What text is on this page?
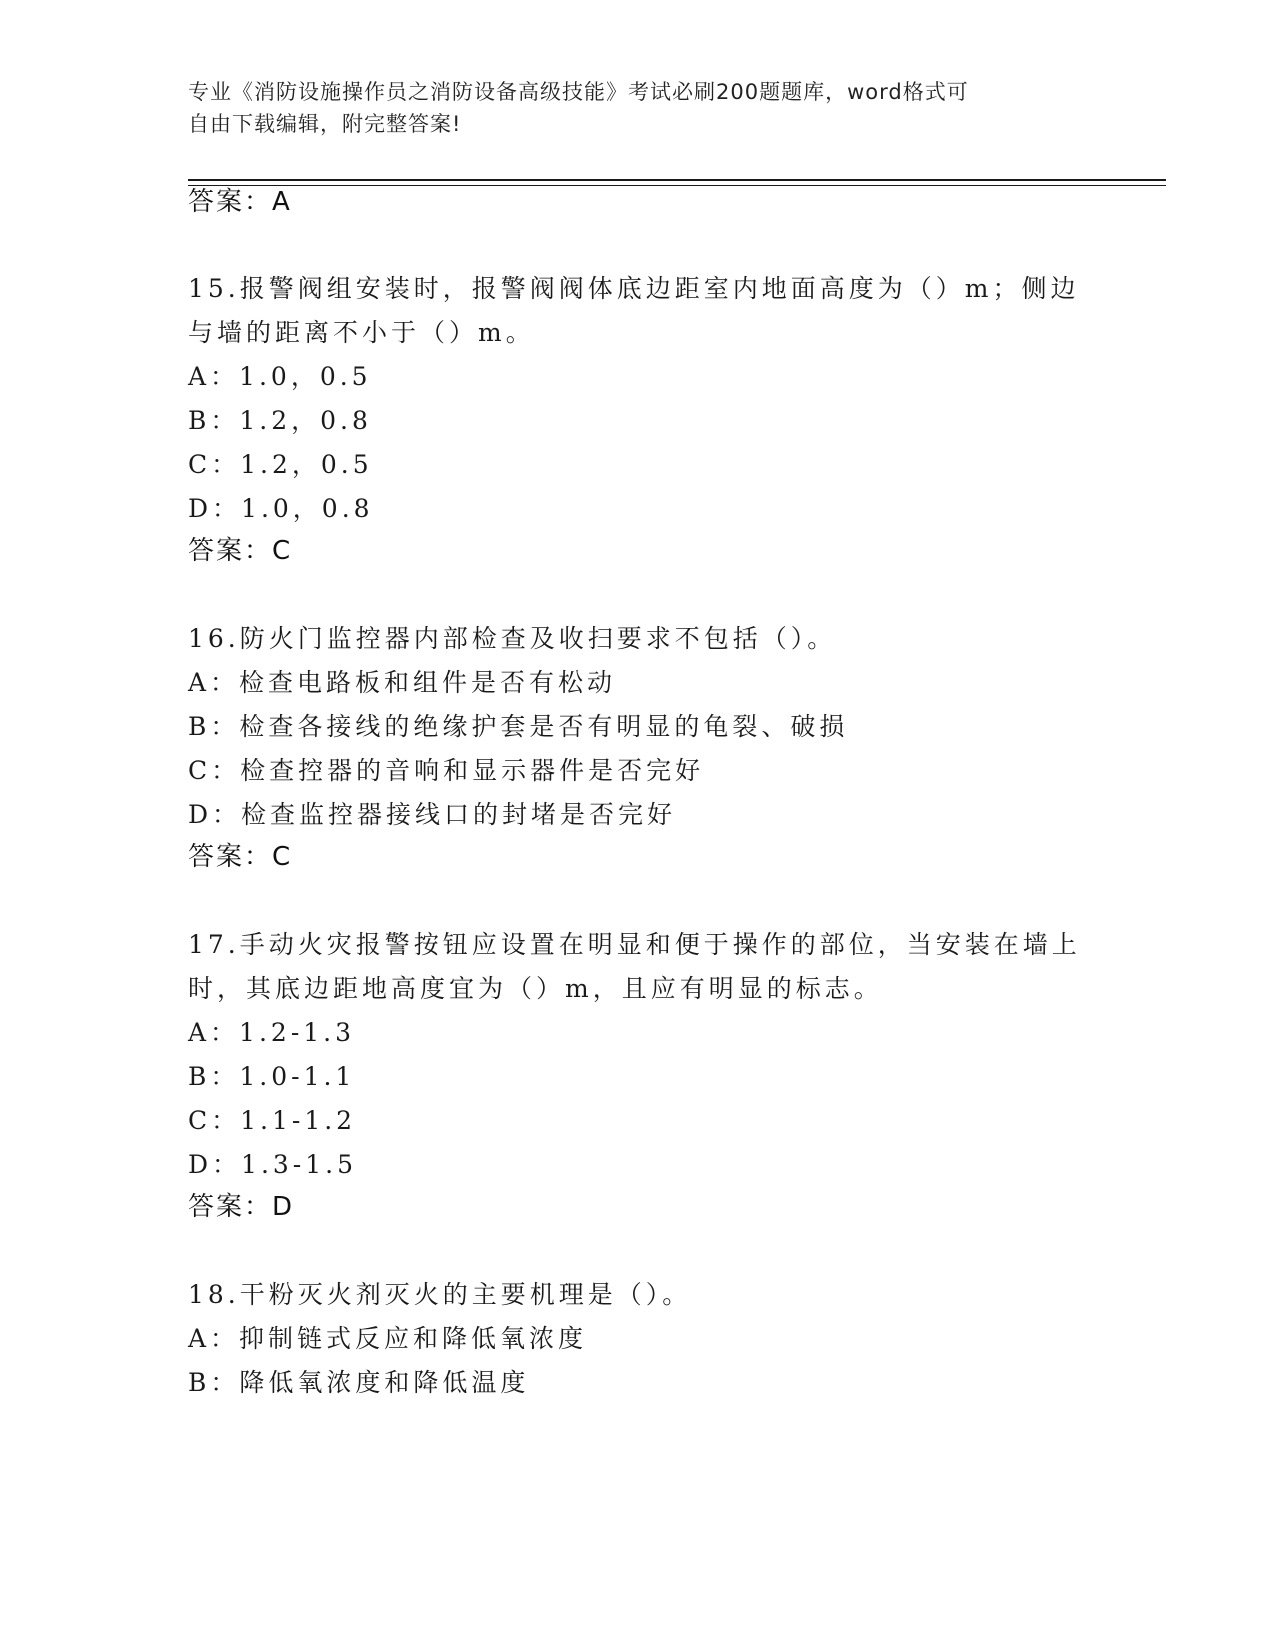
专业《消防设施操作员之消防设备高级技能》考试必刷200题题库，word格式可
自由下载编辑，附完整答案!
答案：A
15.报警阀组安装时，报警阀阀体底边距室内地面高度为（）m；侧边
与墙的距离不小于（）m。
A：1.0，0.5
B：1.2，0.8
C：1.2，0.5
D：1.0，0.8
答案：C
16.防火门监控器内部检查及收扫要求不包括（）。
A：检查电路板和组件是否有松动
B：检查各接线的绝缘护套是否有明显的龟裂、破损
C：检查控器的音响和显示器件是否完好
D：检查监控器接线口的封堵是否完好
答案：C
17.手动火灾报警按钮应设置在明显和便于操作的部位，当安装在墙上
时，其底边距地高度宜为（）m，且应有明显的标志。
A：1.2-1.3
B：1.0-1.1
C：1.1-1.2
D：1.3-1.5
答案：D
18.干粉灭火剂灭火的主要机理是（）。
A：抑制链式反应和降低氧浓度
B：降低氧浓度和降低温度
